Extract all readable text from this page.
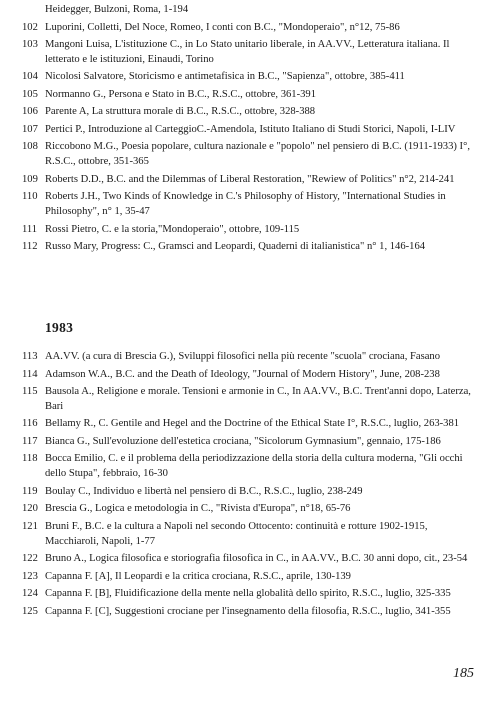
Heidegger, Bulzoni, Roma, 1-194
102 Luporini, Colletti, Del Noce, Romeo, I conti con B.C., "Mondoperaio", n°12, 75-86
103 Mangoni Luisa, L'istituzione C., in Lo Stato unitario liberale, in AA.VV., Letteratura italiana. Il letterato e le istituzioni, Einaudi, Torino
104 Nicolosi Salvatore, Storicismo e antimetafisica in B.C., "Sapienza", ottobre, 385-411
105 Normanno G., Persona e Stato in B.C., R.S.C., ottobre, 361-391
106 Parente A, La struttura morale di B.C., R.S.C., ottobre, 328-388
107 Pertici P., Introduzione al CarteggioC.-Amendola, Istituto Italiano di Studi Storici, Napoli, I-LIV
108 Riccobono M.G., Poesia popolare, cultura nazionale e "popolo" nel pensiero di B.C. (1911-1933) I°, R.S.C., ottobre, 351-365
109 Roberts D.D., B.C. and the Dilemmas of Liberal Restoration, "Rewiew of Politics" n°2, 214-241
110 Roberts J.H., Two Kinds of Knowledge in C.'s Philosophy of History, "International Studies in Philosophy", n° 1, 35-47
111 Rossi Pietro, C. e la storia,"Mondoperaio", ottobre, 109-115
112 Russo Mary, Progress: C., Gramsci and Leopardi, Quaderni di italianistica" n° 1, 146-164
1983
113 AA.VV. (a cura di Brescia G.), Sviluppi filosofici nella più recente "scuola" crociana, Fasano
114 Adamson W.A., B.C. and the Death of Ideology, "Journal of Modern History", June, 208-238
115 Bausola A., Religione e morale. Tensioni e armonie in C., In AA.VV., B.C. Trent'anni dopo, Laterza, Bari
116 Bellamy R., C. Gentile and Hegel and the Doctrine of the Ethical State I°, R.S.C., luglio, 263-381
117 Bianca G., Sull'evoluzione dell'estetica crociana, "Sicolorum Gymnasium", gennaio, 175-186
118 Bocca Emilio, C. e il problema della periodizzazione della storia della cultura moderna, "Gli occhi dello Stupa", febbraio, 16-30
119 Boulay C., Individuo e libertà nel pensiero di B.C., R.S.C., luglio, 238-249
120 Brescia G., Logica e metodologia in C., "Rivista d'Europa", n°18, 65-76
121 Bruni F., B.C. e la cultura a Napoli nel secondo Ottocento: continuità e rotture 1902-1915, Macchiaroli, Napoli, 1-77
122 Bruno A., Logica filosofica e storiografia filosofica in C., in AA.VV., B.C. 30 anni dopo, cit., 23-54
123 Capanna F. [A], Il Leopardi e la critica crociana, R.S.C., aprile, 130-139
124 Capanna F. [B], Fluidificazione della mente nella globalità dello spirito, R.S.C., luglio, 325-335
125 Capanna F. [C], Suggestioni crociane per l'insegnamento della filosofia, R.S.C., luglio, 341-355
185
